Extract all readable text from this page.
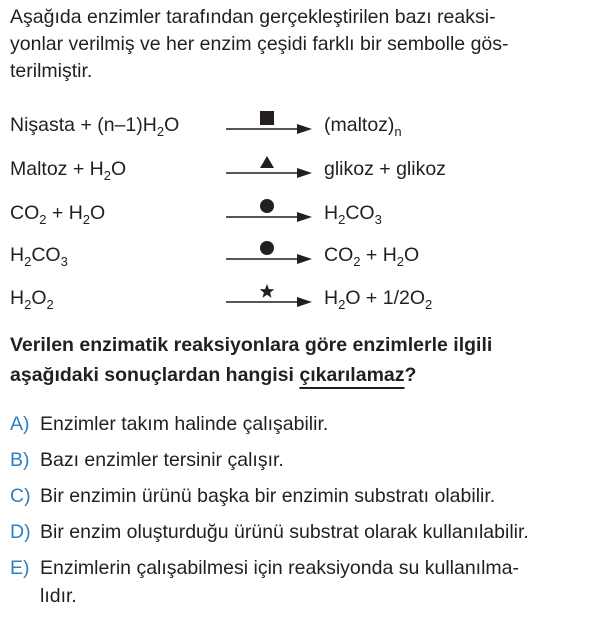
Aşağıda enzimler tarafından gerçekleştirilen bazı reaksi-
yonlar verilmiş ve her enzim çeşidi farklı bir sembolle gös-
terilmiştir.

Nişasta + $(n-1)H_2O$	$(maltoz)_n$
Maltoz + $H_2O$	glikoz + glikoz
$CO_2 + H_2O$	$H_2CO_3$
$H_2CO_3$	$CO_2 + H_2O$
$H_2O_2$	$H_2O + 1/2O_2$

Verilen enzimatik reaksiyonlara göre enzimlerle ilgili
aşağıdaki sonuçlardan hangisi çıkarılamaz?

A) Enzimler takım halinde çalışabilir.
B) Bazı enzimler tersinir çalışır.
C) Bir enzimin ürünü başka bir enzimin substratı olabilir.
D) Bir enzim oluşturduğu ürünü substrat olarak kullanılabilir.
E) Enzimlerin çalışabilmesi için reaksiyonda su kullanılma-
lıdır.
